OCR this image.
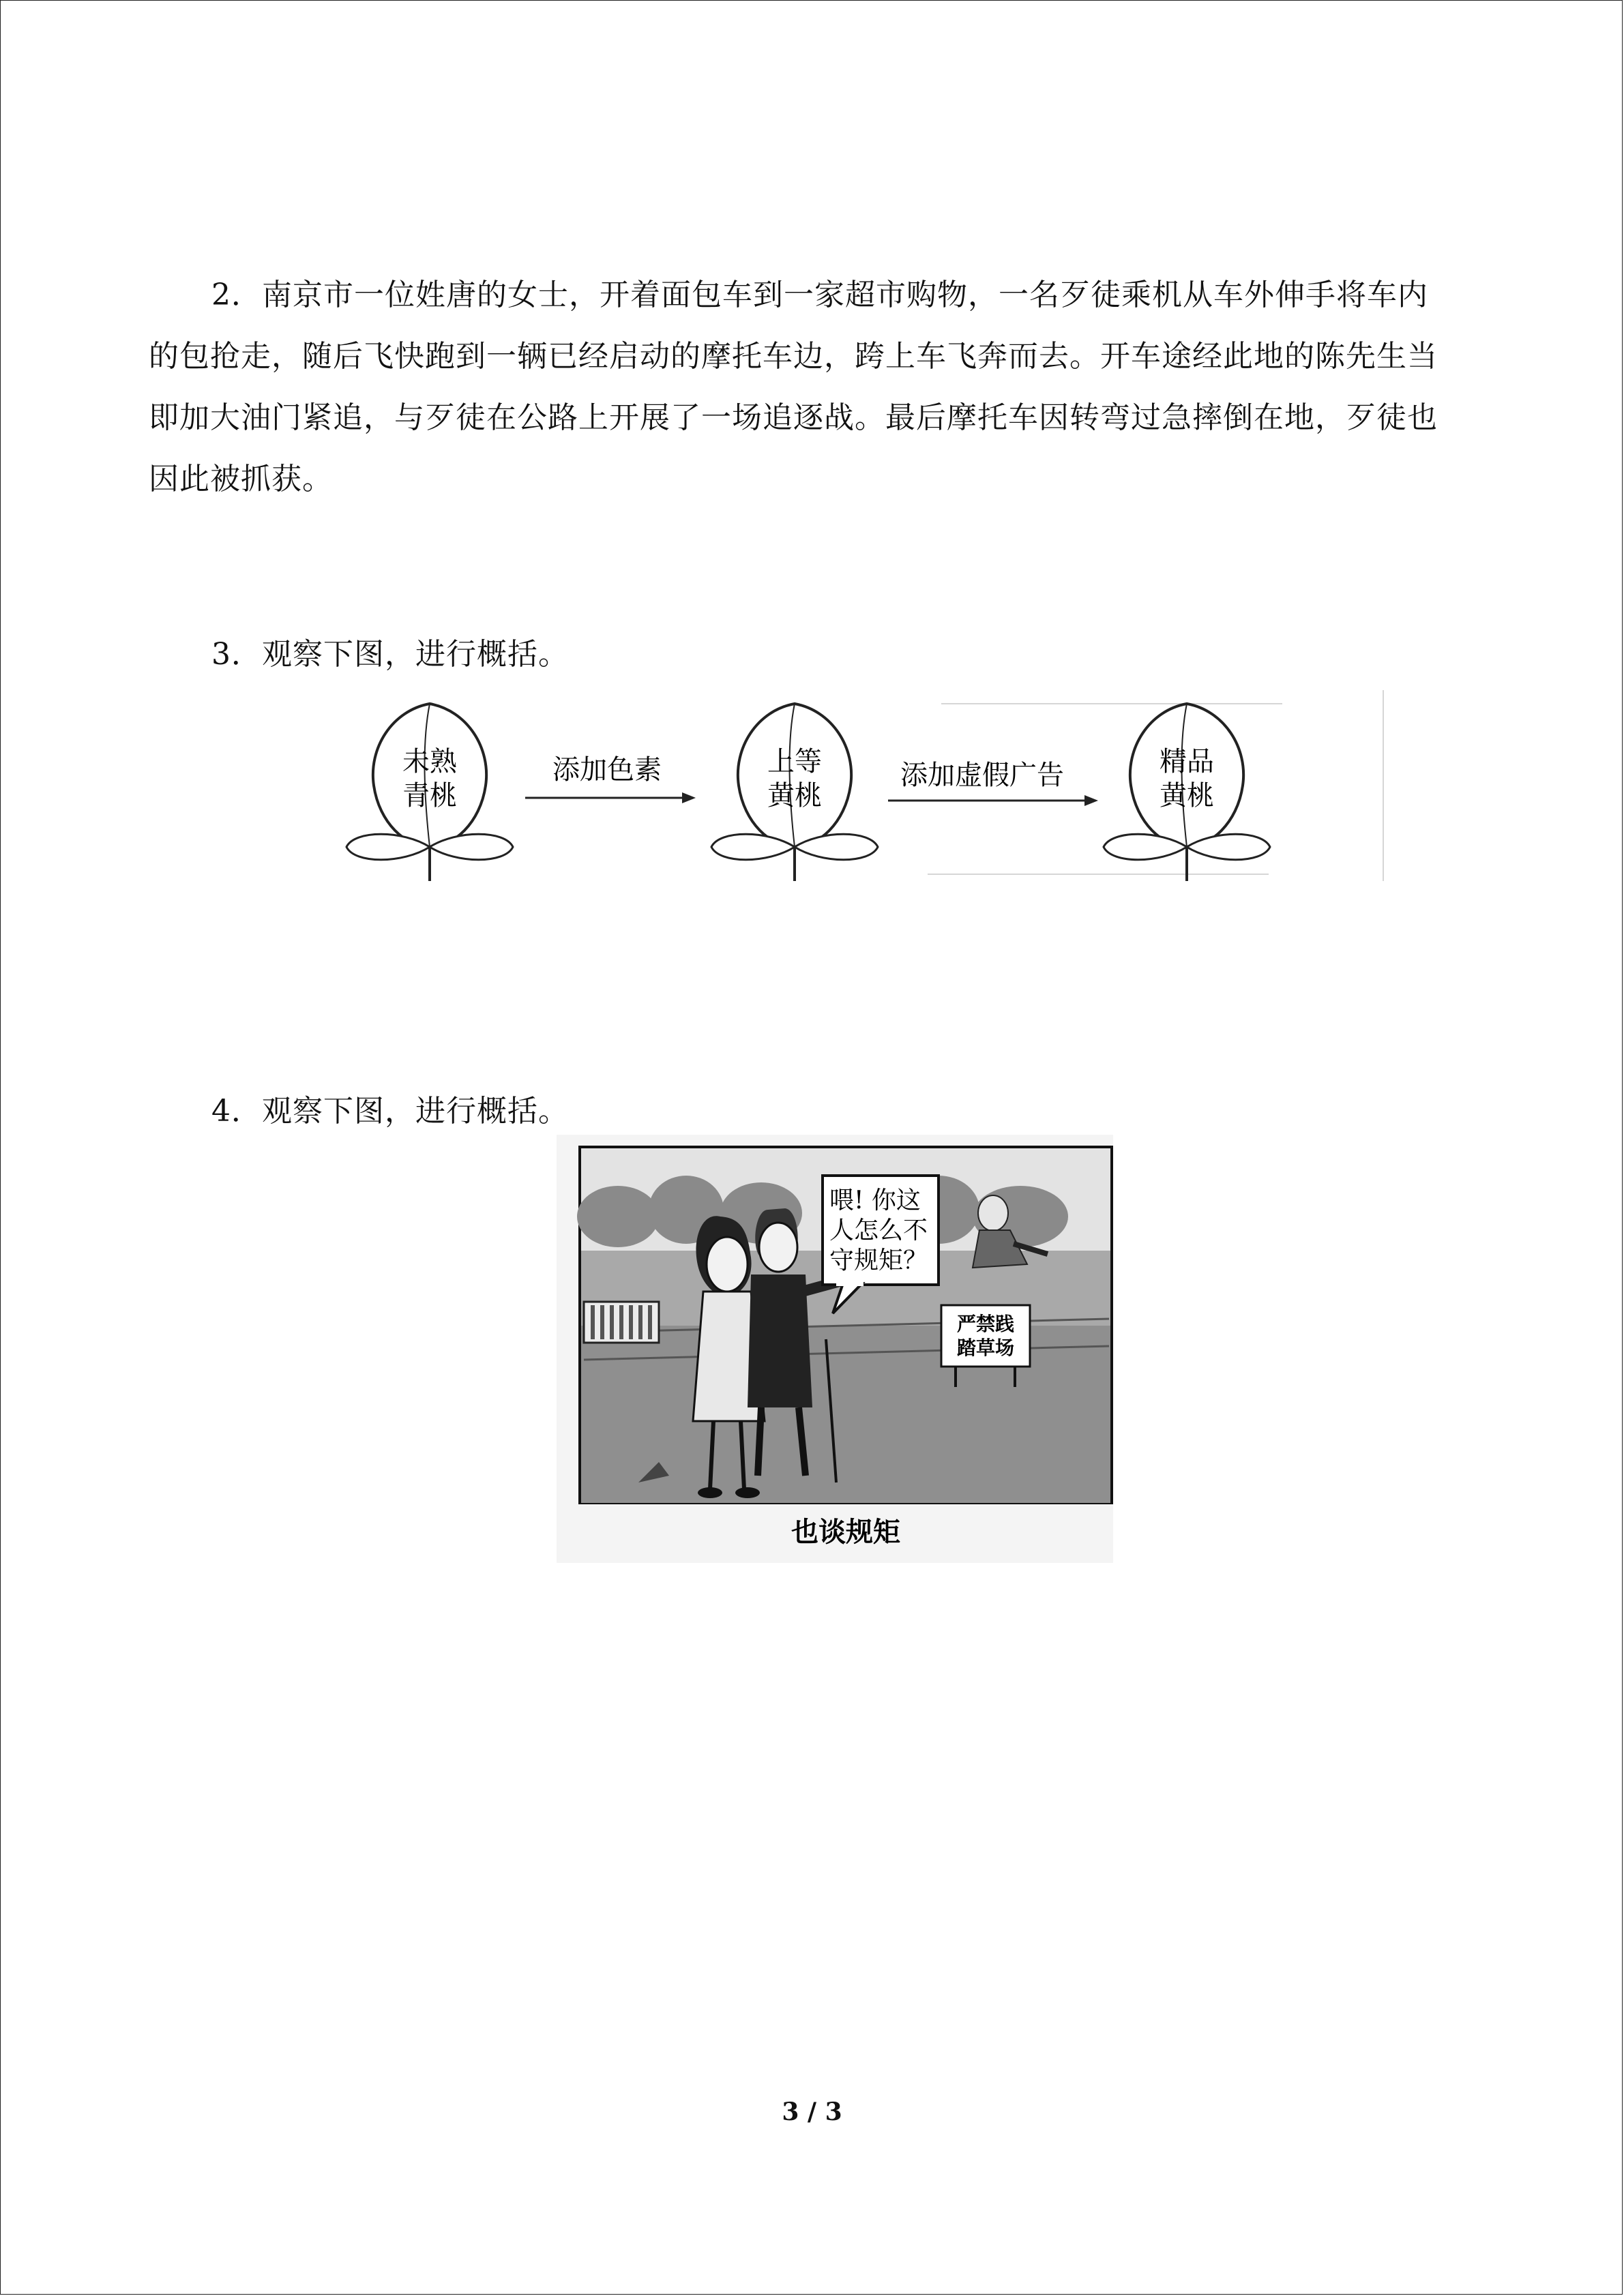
2．南京市一位姓唐的女士，开着面包车到一家超市购物，一名歹徒乘机从车外伸手将车内的包抢走，随后飞快跑到一辆已经启动的摩托车边，跨上车飞奔而去。开车途经此地的陈先生当即加大油门紧追，与歹徒在公路上开展了一场追逐战。最后摩托车因转弯过急摔倒在地，歹徒也因此被抓获。

3．观察下图，进行概括。

未熟
青桃
添加色素	上等
黄桃
添加虚假广告	精品
黄桃

4．观察下图，进行概括。

喂! 你这
人怎么不
守规矩？
严禁践
踏草场
也谈规矩
3 / 3
